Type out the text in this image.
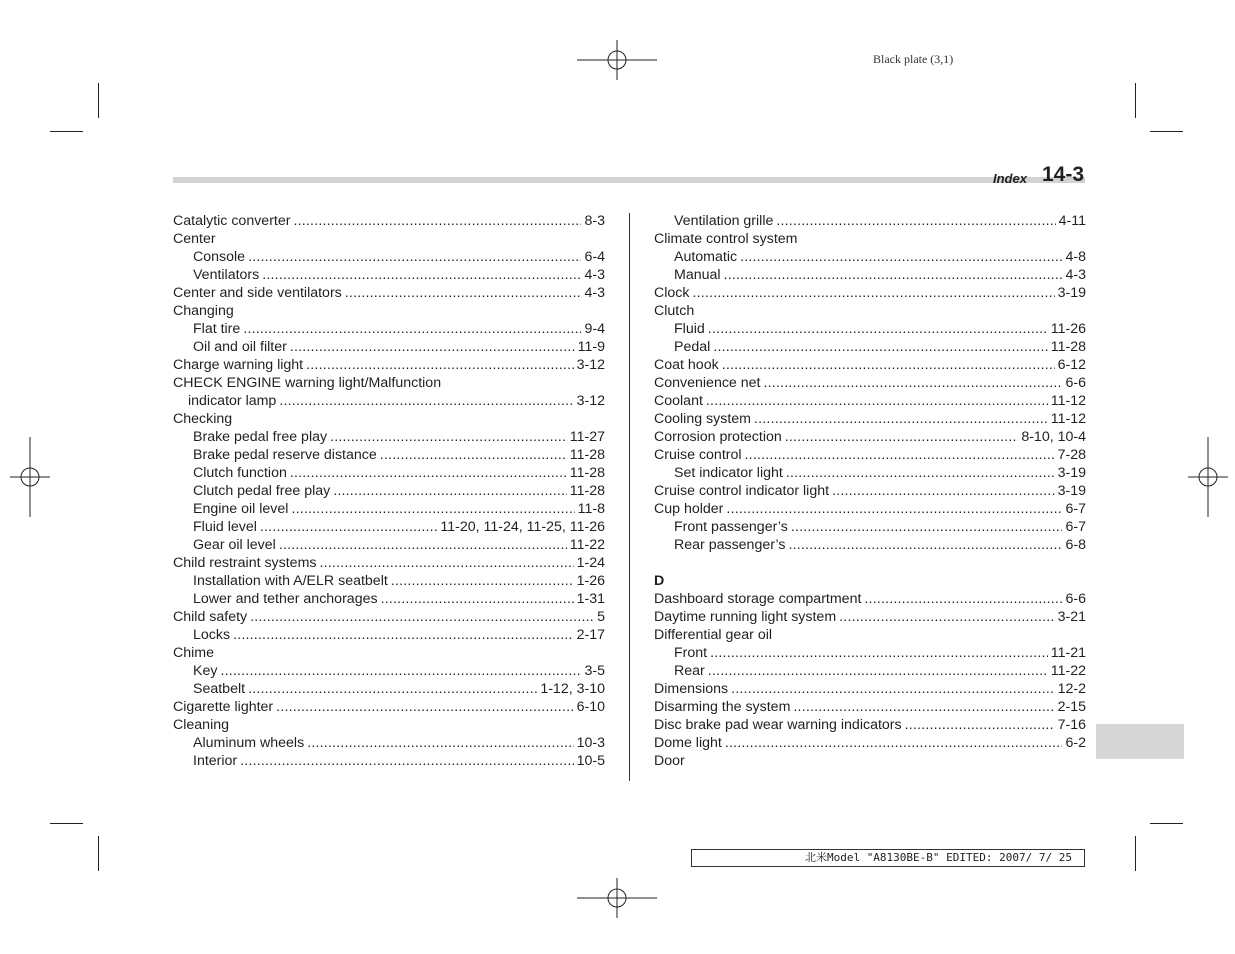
Black plate (3,1)
Index 14-3
Catalytic converter .....	8-3
Center
Console .....	6-4
Ventilators .....	4-3
Center and side ventilators .....	4-3
Changing
Flat tire .....	9-4
Oil and oil filter .....	11-9
Charge warning light .....	3-12
CHECK ENGINE warning light/Malfunction
indicator lamp .....	3-12
Checking
Brake pedal free play .....	11-27
Brake pedal reserve distance .....	11-28
Clutch function .....	11-28
Clutch pedal free play .....	11-28
Engine oil level .....	11-8
Fluid level .....	11-20, 11-24, 11-25, 11-26
Gear oil level .....	11-22
Child restraint systems .....	1-24
Installation with A/ELR seatbelt .....	1-26
Lower and tether anchorages .....	1-31
Child safety .....	5
Locks .....	2-17
Chime
Key .....	3-5
Seatbelt .....	1-12, 3-10
Cigarette lighter .....	6-10
Cleaning
Aluminum wheels .....	10-3
Interior .....	10-5
Ventilation grille .....	4-11
Climate control system
Automatic .....	4-8
Manual .....	4-3
Clock .....	3-19
Clutch
Fluid .....	11-26
Pedal .....	11-28
Coat hook .....	6-12
Convenience net .....	6-6
Coolant .....	11-12
Cooling system .....	11-12
Corrosion protection .....	8-10, 10-4
Cruise control .....	7-28
Set indicator light .....	3-19
Cruise control indicator light .....	3-19
Cup holder .....	6-7
Front passenger’s .....	6-7
Rear passenger’s .....	6-8
D
Dashboard storage compartment .....	6-6
Daytime running light system .....	3-21
Differential gear oil
Front .....	11-21
Rear .....	11-22
Dimensions .....	12-2
Disarming the system .....	2-15
Disc brake pad wear warning indicators .....	7-16
Dome light .....	6-2
Door
北米Model "A8130BE-B" EDITED: 2007/ 7/ 25
